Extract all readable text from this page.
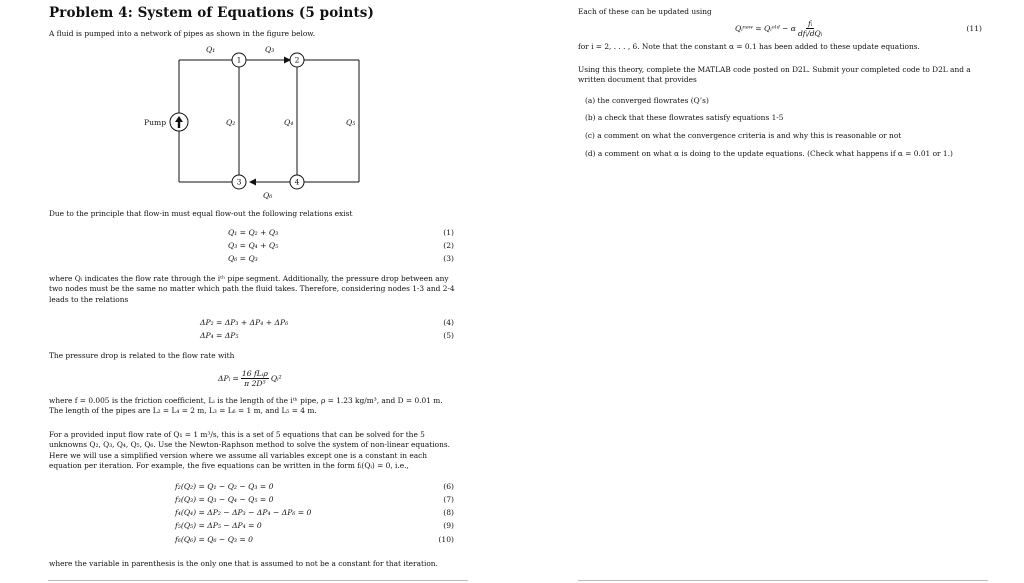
Problem 4: System of Equations (5 points)
A fluid is pumped into a network of pipes as shown in the figure below.
1	2
3	4
Pump
Q₁	Q₃
Q₂	Q₄	Q₅
Q₆
Due to the principle that flow-in must equal flow-out the following relations exist
Q₁ = Q₂ + Q₃	(1)
Q₃ = Q₄ + Q₅	(2)
Q₆ = Q₃	(3)
where Qᵢ indicates the flow rate through the iᵗʰ pipe segment. Additionally, the pressure drop between any two nodes must be the same no matter which path the fluid takes. Therefore, considering nodes 1-3 and 2-4 leads to the relations
ΔP₂ = ΔP₃ + ΔP₄ + ΔP₆	(4)
ΔP₄ = ΔP₅	(5)
The pressure drop is related to the flow rate with
ΔPᵢ =
16 fLᵢρ
π 2D⁵
Qᵢ²
where f = 0.005 is the friction coefficient, Lᵢ is the length of the iᵗʰ pipe, ρ = 1.23 kg/m³, and D = 0.01 m. The length of the pipes are L₂ = L₄ = 2 m, L₃ = L₆ = 1 m, and L₅ = 4 m.
For a provided input flow rate of Q₁ = 1 m³/s, this is a set of 5 equations that can be solved for the 5 unknowns Q₂, Q₃, Q₄, Q₅, Q₆. Use the Newton-Raphson method to solve the system of non-linear equations. Here we will use a simplified version where we assume all variables except one is a constant in each equation per iteration. For example, the five equations can be written in the form fᵢ(Qᵢ) = 0, i.e.,
f₂(Q₂) = Q₁ − Q₂ − Q₃ = 0	(6)
f₃(Q₃) = Q₃ − Q₄ − Q₅ = 0	(7)
f₄(Q₄) = ΔP₂ − ΔP₃ − ΔP₄ − ΔP₆ = 0	(8)
f₅(Q₅) = ΔP₅ − ΔP₄ = 0	(9)
f₆(Q₆) = Q₆ − Q₃ = 0	(10)
where the variable in parenthesis is the only one that is assumed to not be a constant for that iteration.
Each of these can be updated using
Qᵢⁿᵉʷ = Qᵢᵒˡᵈ − α
fᵢ
dfᵢ/dQᵢ	(11)
for i = 2, . . . , 6. Note that the constant α = 0.1 has been added to these update equations.
Using this theory, complete the MATLAB code posted on D2L. Submit your completed code to D2L and a written document that provides
(a) the converged flowrates (Q’s)
(b) a check that these flowrates satisfy equations 1-5
(c) a comment on what the convergence criteria is and why this is reasonable or not
(d) a comment on what α is doing to the update equations. (Check what happens if α = 0.01 or 1.)
